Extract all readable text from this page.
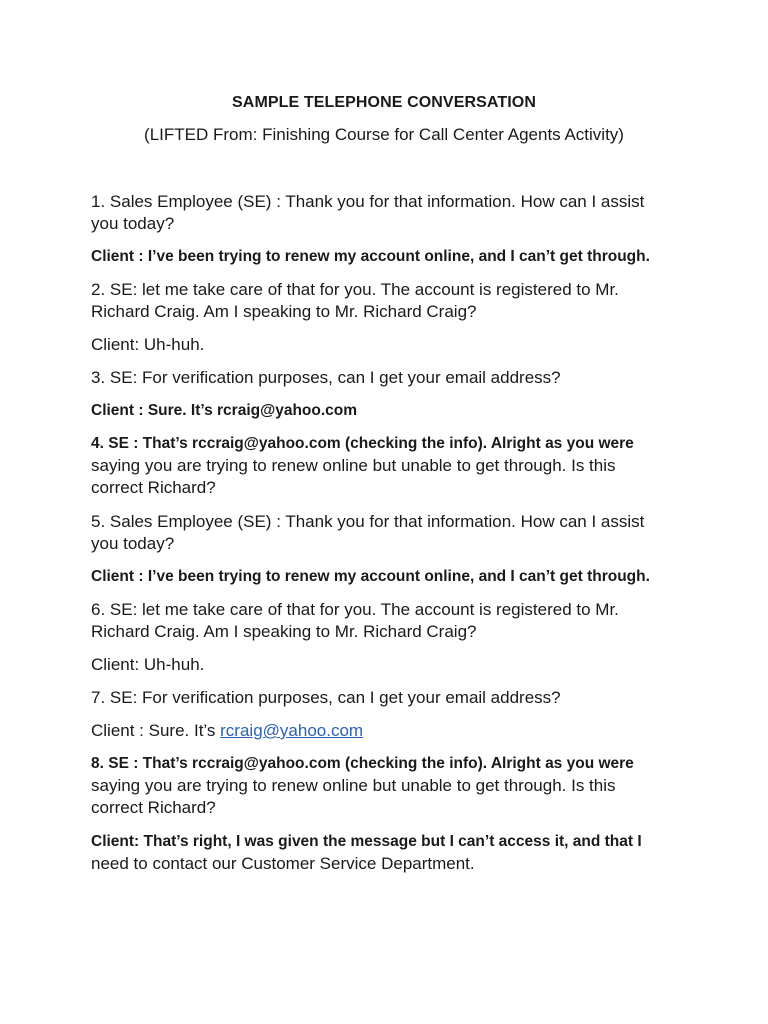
SAMPLE TELEPHONE CONVERSATION
(LIFTED From: Finishing Course for Call Center Agents Activity)
1. Sales Employee (SE) : Thank you for that information. How can I assist
you today?
Client : I’ve been trying to renew my account online, and I can’t get through.
2. SE: let me take care of that for you. The account is registered to Mr.
Richard Craig. Am I speaking to Mr. Richard Craig?
Client: Uh-huh.
3. SE: For verification purposes, can I get your email address?
Client : Sure. It’s rcraig@yahoo.com
4. SE : That’s rccraig@yahoo.com (checking the info). Alright as you were
saying you are trying to renew online but unable to get through. Is this
correct Richard?
5. Sales Employee (SE) : Thank you for that information. How can I assist
you today?
Client : I’ve been trying to renew my account online, and I can’t get through.
6. SE: let me take care of that for you. The account is registered to Mr.
Richard Craig. Am I speaking to Mr. Richard Craig?
Client: Uh-huh.
7. SE: For verification purposes, can I get your email address?
Client : Sure. It’s rcraig@yahoo.com
8. SE : That’s rccraig@yahoo.com (checking the info). Alright as you were
saying you are trying to renew online but unable to get through. Is this
correct Richard?
Client: That’s right, I was given the message but I can’t access it, and that I
need to contact our Customer Service Department.
